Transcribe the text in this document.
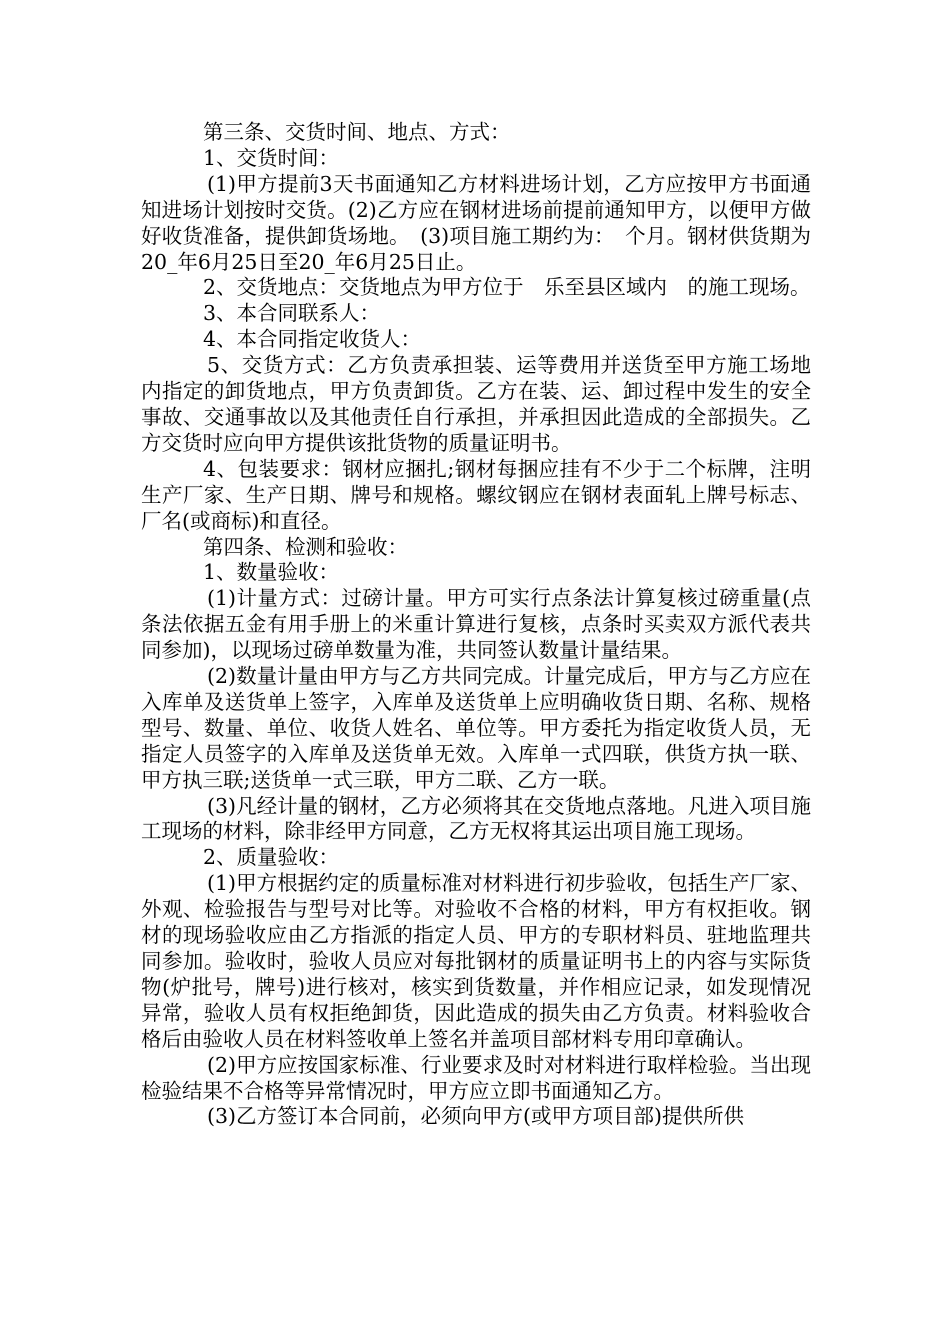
第三条、交货时间、地点、方式：

1、交货时间：

(1)甲方提前3天书面通知乙方材料进场计划，乙方应按甲方书面通知进场计划按时交货。(2)乙方应在钢材进场前提前通知甲方，以便甲方做好收货准备，提供卸货场地。　(3)项目施工期约为：　个月。钢材供货期为20_年6月25日至20_年6月25日止。

2、交货地点：交货地点为甲方位于　乐至县区域内　的施工现场。

3、本合同联系人：

4、本合同指定收货人：

5、交货方式：乙方负责承担装、运等费用并送货至甲方施工场地内指定的卸货地点，甲方负责卸货。乙方在装、运、卸过程中发生的安全事故、交通事故以及其他责任自行承担，并承担因此造成的全部损失。乙方交货时应向甲方提供该批货物的质量证明书。

4、包装要求：钢材应捆扎;钢材每捆应挂有不少于二个标牌，注明生产厂家、生产日期、牌号和规格。螺纹钢应在钢材表面轧上牌号标志、厂名(或商标)和直径。

第四条、检测和验收：

1、数量验收：

(1)计量方式：过磅计量。甲方可实行点条法计算复核过磅重量(点条法依据五金有用手册上的米重计算进行复核，点条时买卖双方派代表共同参加)，以现场过磅单数量为准，共同签认数量计量结果。

(2)数量计量由甲方与乙方共同完成。计量完成后，甲方与乙方应在入库单及送货单上签字，入库单及送货单上应明确收货日期、名称、规格型号、数量、单位、收货人姓名、单位等。甲方委托为指定收货人员，无指定人员签字的入库单及送货单无效。入库单一式四联，供货方执一联、甲方执三联;送货单一式三联，甲方二联、乙方一联。

(3)凡经计量的钢材，乙方必须将其在交货地点落地。凡进入项目施工现场的材料，除非经甲方同意，乙方无权将其运出项目施工现场。

2、质量验收：

(1)甲方根据约定的质量标准对材料进行初步验收，包括生产厂家、外观、检验报告与型号对比等。对验收不合格的材料，甲方有权拒收。钢材的现场验收应由乙方指派的指定人员、甲方的专职材料员、驻地监理共同参加。验收时，验收人员应对每批钢材的质量证明书上的内容与实际货物(炉批号，牌号)进行核对，核实到货数量，并作相应记录，如发现情况异常，验收人员有权拒绝卸货，因此造成的损失由乙方负责。材料验收合格后由验收人员在材料签收单上签名并盖项目部材料专用印章确认。

(2)甲方应按国家标准、行业要求及时对材料进行取样检验。当出现检验结果不合格等异常情况时，甲方应立即书面通知乙方。

(3)乙方签订本合同前，必须向甲方(或甲方项目部)提供所供
